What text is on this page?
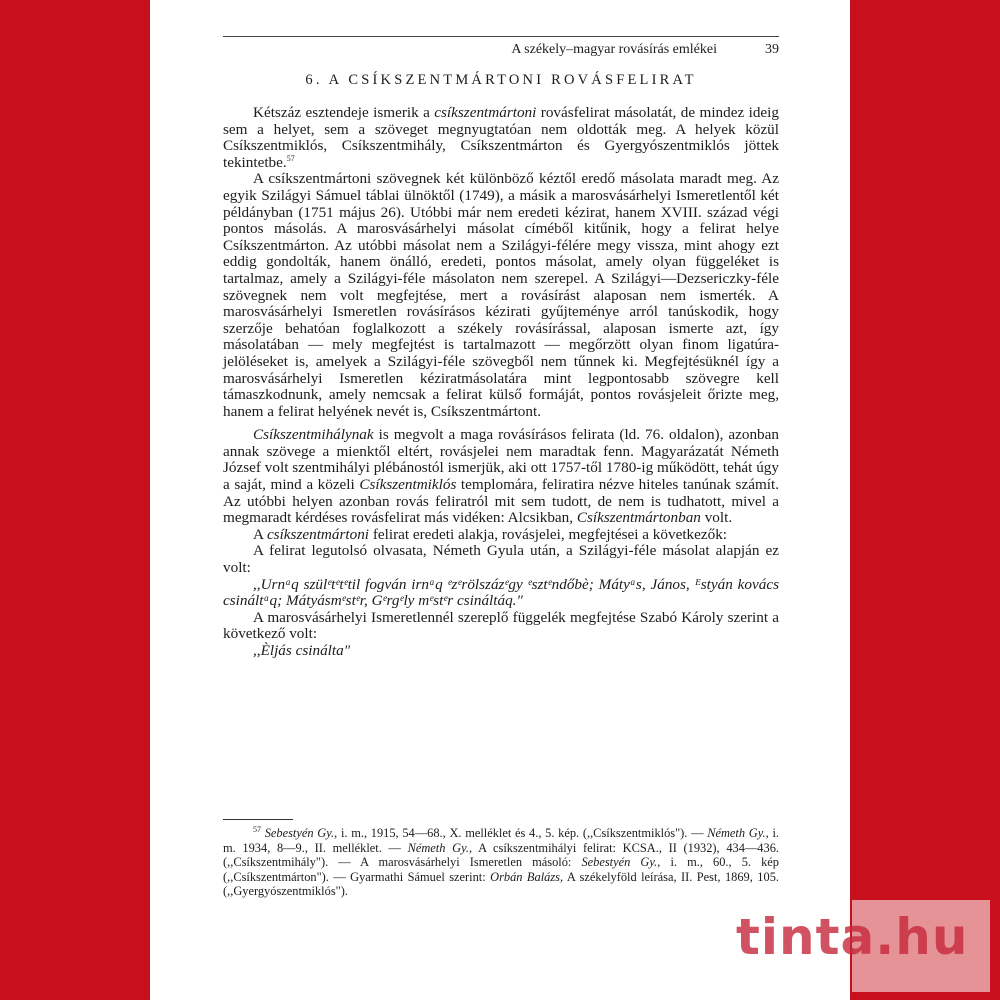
A székely–magyar rovásírás emlékei	39
6. A CSÍKSZENTMÁRTONI ROVÁSFELIRAT

Kétszáz esztendeje ismerik a csíkszentmártoni rovásfelirat másolatát, de mindez ideig sem a helyet, sem a szöveget megnyugtatóan nem oldották meg. A helyek közül Csíkszentmiklós, Csíkszentmihály, Csíkszentmárton és Gyergyószentmiklós jöttek tekintetbe.$^{57}$

A csíkszentmártoni szövegnek két különböző kéztől eredő másolata maradt meg. Az egyik Szilágyi Sámuel táblai ülnöktől (1749), a másik a marosvásárhelyi Ismeretlentől két példányban (1751 május 26). Utóbbi már nem eredeti kézirat, hanem XVIII. század végi pontos másolás. A marosvásárhelyi másolat címéből kitűnik, hogy a felirat helye Csíkszentmárton. Az utóbbi másolat nem a Szilágyi-félére megy vissza, mint ahogy ezt eddig gondolták, hanem önálló, eredeti, pontos másolat, amely olyan függeléket is tartalmaz, amely a Szilágyi-féle másolaton nem szerepel. A Szilágyi—Dezsericzky-féle szövegnek nem volt megfejtése, mert a rovásírást alaposan nem ismerték. A marosvásárhelyi Ismeretlen rovásírásos kézirati gyűjteménye arról tanúskodik, hogy szerzője behatóan foglalkozott a székely rovásírással, alaposan ismerte azt, így másolatában — mely megfejtést is tartalmazott — megőrzött olyan finom ligatúra-jelöléseket is, amelyek a Szilágyi-féle szövegből nem tűnnek ki. Megfejtésüknél így a marosvásárhelyi Ismeretlen kéziratmásolatára mint legpontosabb szövegre kell támaszkodnunk, amely nemcsak a felirat külső formáját, pontos rovásjeleit őrizte meg, hanem a felirat helyének nevét is, Csíkszentmártont.

Csíkszentmihálynak is megvolt a maga rovásírásos felirata (ld. 76. oldalon), azonban annak szövege a mienktől eltért, rovásjelei nem maradtak fenn. Magyarázatát Németh József volt szentmihályi plébánostól ismerjük, aki ott 1757-től 1780-ig működött, tehát úgy a saját, mind a közeli Csíkszentmiklós templomára, feliratira nézve hiteles tanúnak számít. Az utóbbi helyen azonban rovás feliratról mit sem tudott, de nem is tudhatott, mivel a megmaradt kérdéses rovásfelirat más vidéken: Alcsikban, Csíkszentmártonban volt.

A csíkszentmártoni felirat eredeti alakja, rovásjelei, megfejtései a következők:

A felirat legutolsó olvasata, Németh Gyula után, a Szilágyi-féle másolat alapján ez volt:

,,Urnᵃq szülᵉtᵉtᵉtil fogván irnᵃq ᵉzᵉrölszázᵉgy ᵉsztᵉndőbè; Mátyᵃs, János, ᴱstyán kovács csináltᵃq; Mátyásmᵉstᵉr, Gᵉrgᵉly mᵉstᵉr csináltáq."

A marosvásárhelyi Ismeretlennél szereplő függelék megfejtése Szabó Károly szerint a következő volt:

,,Èljás csinálta"

$^{57}$ Sebestyén Gy., i. m., 1915, 54—68., X. melléklet és 4., 5. kép. (,,Csíkszentmiklós"). — Németh Gy., i. m. 1934, 8—9., II. melléklet. — Németh Gy., A csíkszentmihályi felirat: KCSA., II (1932), 434—436. (,,Csíkszentmihály"). — A marosvásárhelyi Ismeretlen másoló: Sebestyén Gy., i. m., 60., 5. kép (,,Csíkszentmárton"). — Gyarmathi Sámuel szerint: Orbán Balázs, A székelyföld leírása, II. Pest, 1869, 105. (,,Gyergyószentmiklós").

tinta.hu
